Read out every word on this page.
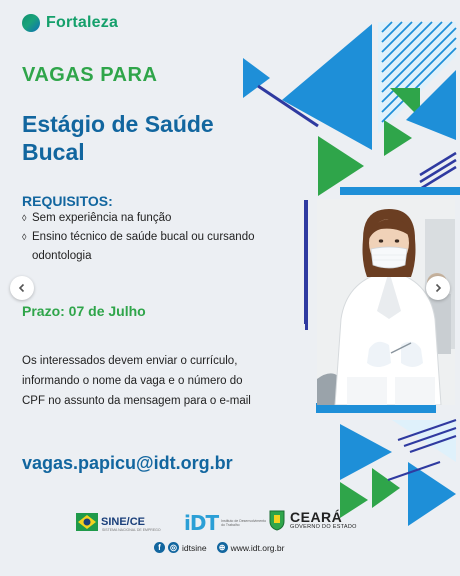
Fortaleza
VAGAS PARA
Estágio de Saúde Bucal
REQUISITOS:
◊ Sem experiência na função
◊ Ensino técnico de saúde bucal ou cursando odontologia
Prazo: 07 de Julho
Os interessados devem enviar o currículo, informando o nome da vaga e o número do CPF no assunto da mensagem para o e-mail
vagas.papicu@idt.org.br
SINE/CE
SISTEMA NACIONAL DE EMPREGO iDT Instituto de Desenvolvimento do Trabalho
CEARÁ
GOVERNO DO ESTADO
f	◎ idtsine ⊕ www.idt.org.br
